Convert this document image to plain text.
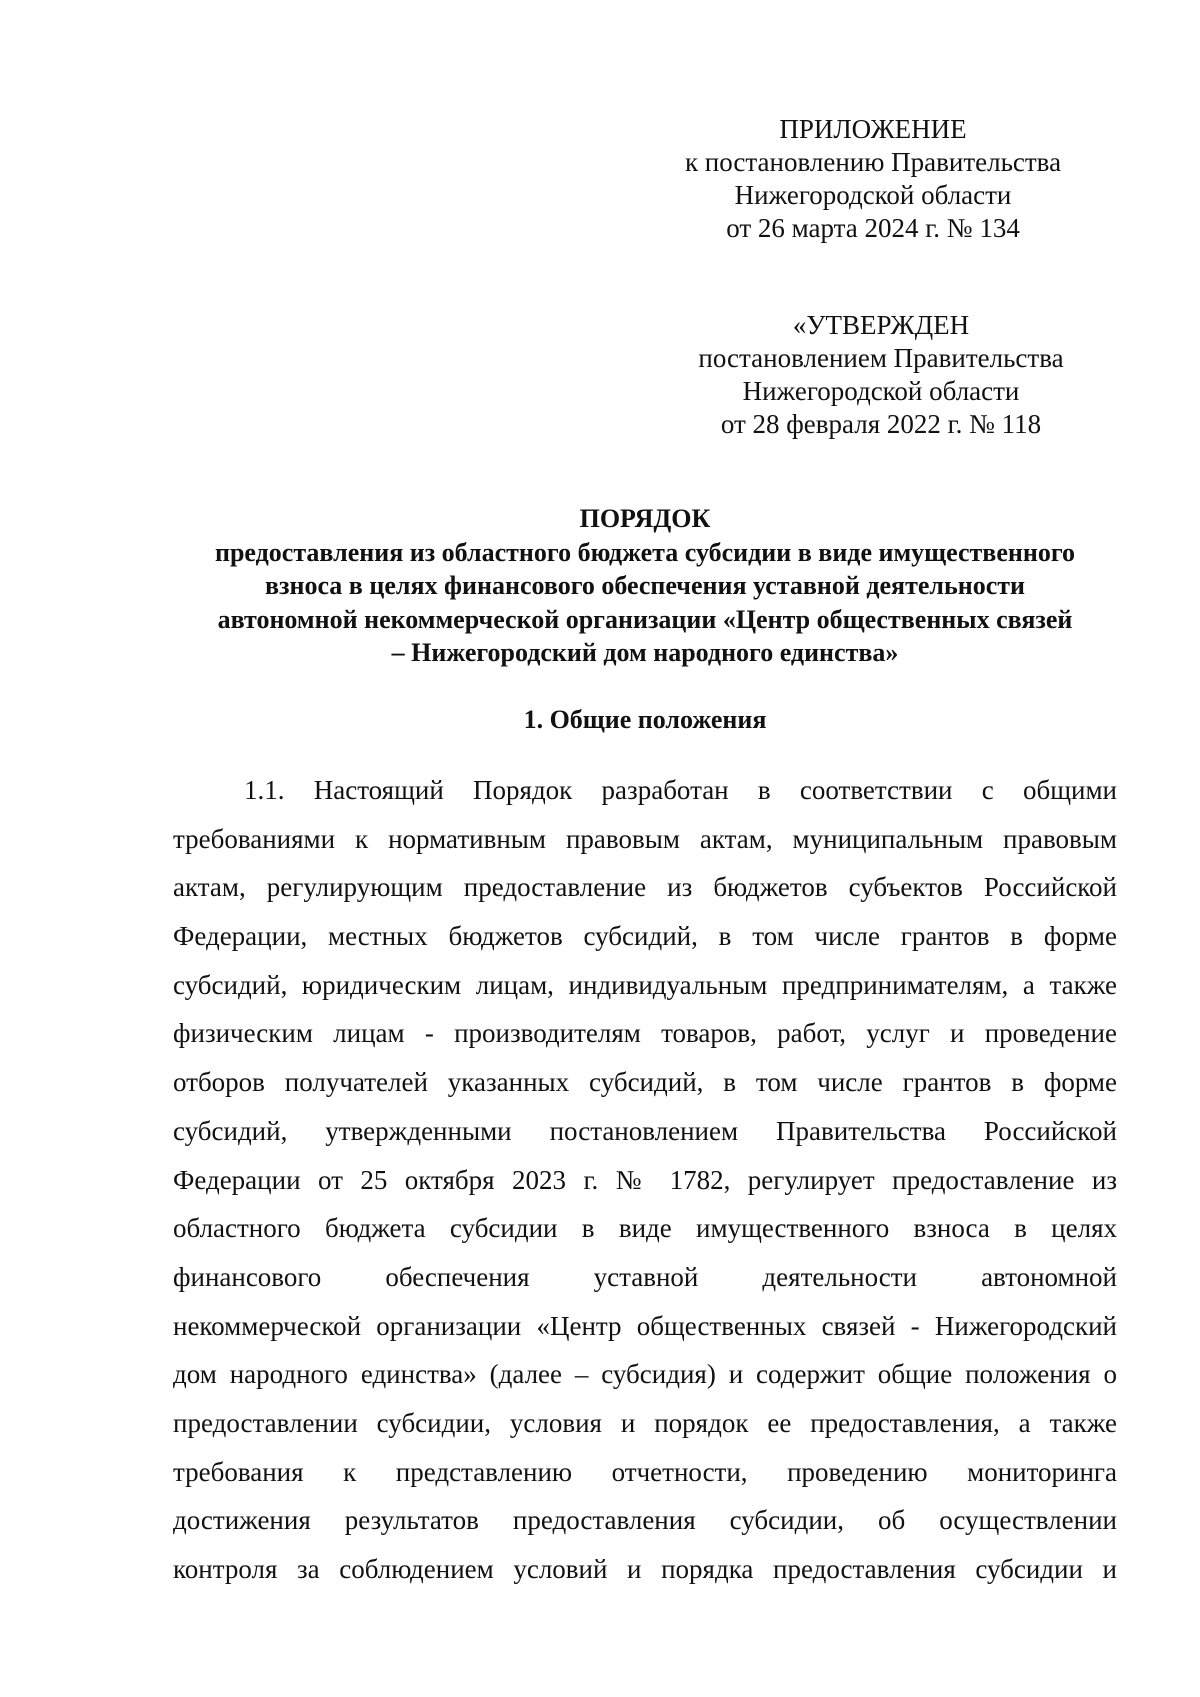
ПРИЛОЖЕНИЕ
к постановлению Правительства
Нижегородской области
от 26 марта 2024 г. № 134
«УТВЕРЖДЕН
постановлением Правительства
Нижегородской области
от 28 февраля 2022 г. № 118
ПОРЯДОК
предоставления из областного бюджета субсидии в виде имущественного
взноса в целях финансового обеспечения уставной деятельности
автономной некоммерческой организации «Центр общественных связей
– Нижегородский дом народного единства»
1. Общие положения
1.1. Настоящий Порядок разработан в соответствии с общими
требованиями к нормативным правовым актам, муниципальным правовым
актам, регулирующим предоставление из бюджетов субъектов Российской
Федерации, местных бюджетов субсидий, в том числе грантов в форме
субсидий, юридическим лицам, индивидуальным предпринимателям, а также
физическим лицам - производителям товаров, работ, услуг и проведение
отборов получателей указанных субсидий, в том числе грантов в форме
субсидий, утвержденными постановлением Правительства Российской
Федерации от 25 октября 2023 г. № 1782, регулирует предоставление из
областного бюджета субсидии в виде имущественного взноса в целях
финансового обеспечения уставной деятельности автономной
некоммерческой организации «Центр общественных связей - Нижегородский
дом народного единства» (далее – субсидия) и содержит общие положения о
предоставлении субсидии, условия и порядок ее предоставления, а также
требования к представлению отчетности, проведению мониторинга
достижения результатов предоставления субсидии, об осуществлении
контроля за соблюдением условий и порядка предоставления субсидии и
